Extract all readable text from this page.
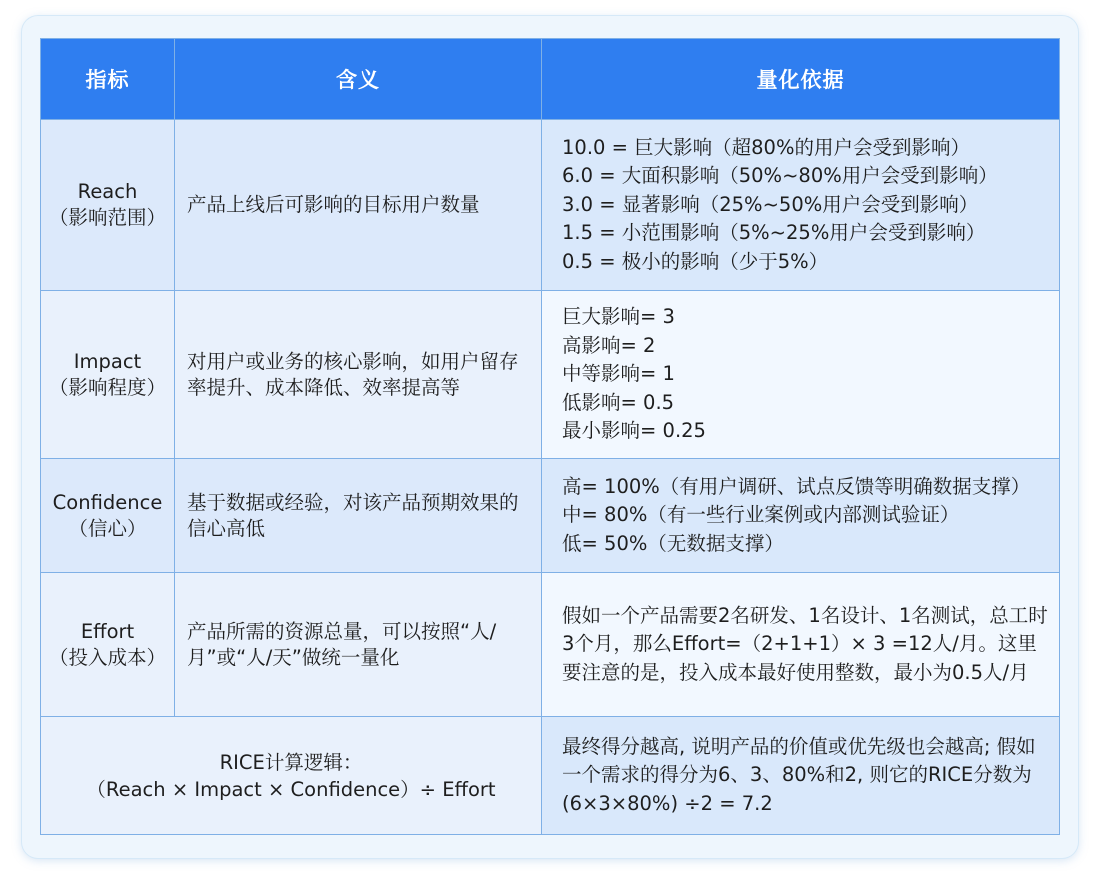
指标	含义	量化依据

Reach
（影响范围）	产品上线后可影响的目标用户数量	10.0 = 巨大影响（超80%的用户会受到影响）
6.0 = 大面积影响（50%~80%用户会受到影响）
3.0 = 显著影响（25%~50%用户会受到影响）
1.5 = 小范围影响（5%~25%用户会受到影响）
0.5 = 极小的影响（少于5%）

Impact
（影响程度）	对用户或业务的核心影响，如用户留存率提升、成本降低、效率提高等	巨大影响= 3
高影响= 2
中等影响= 1
低影响= 0.5
最小影响= 0.25

Confidence
（信心）	基于数据或经验，对该产品预期效果的信心高低	高= 100%（有用户调研、试点反馈等明确数据支撑）
中= 80%（有一些行业案例或内部测试验证）
低= 50%（无数据支撑）

Effort
（投入成本）	产品所需的资源总量，可以按照“人/月”或“人/天”做统一量化	假如一个产品需要2名研发、1名设计、1名测试，总工时3个月，那么Effort=（2+1+1）× 3 =12人/月。这里要注意的是，投入成本最好使用整数，最小为0.5人/月

RICE计算逻辑：
（Reach × Impact × Confidence）÷ Effort		最终得分越高, 说明产品的价值或优先级也会越高; 假如一个需求的得分为6、3、80%和2, 则它的RICE分数为 (6×3×80%) ÷2 = 7.2
